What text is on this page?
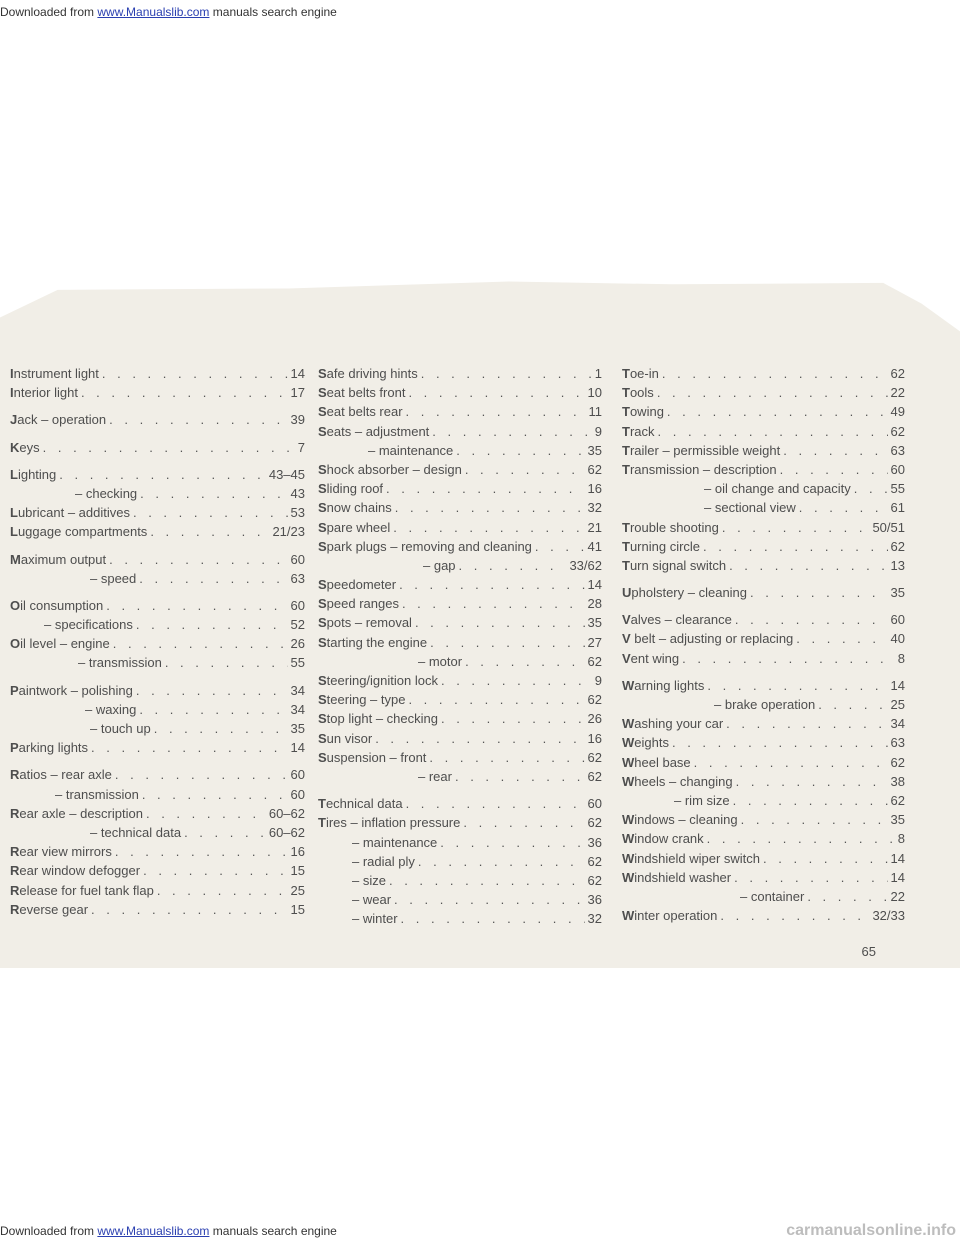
Downloaded from www.Manualslib.com manuals search engine
Instrument light . . .	14
Interior light . . .	17
Jack – operation . . .	39
Keys . . .	7
Lighting . . .	43–45
– checking . . .	43
Lubricant – additives . . .	53
Luggage compartments . . .	21/23
Maximum output . . .	60
– speed . . .	63
Oil consumption . . .	60
– specifications . . .	52
Oil level – engine . . .	26
– transmission . . .	55
Paintwork – polishing . . .	34
– waxing . . .	34
– touch up . . .	35
Parking lights . . .	14
Ratios – rear axle . . .	60
– transmission . . .	60
Rear axle – description . . .	60–62
– technical data . . .	60–62
Rear view mirrors . . .	16
Rear window defogger . . .	15
Release for fuel tank flap . . .	25
Reverse gear . . .	15
Safe driving hints . . .	1
Seat belts front . . .	10
Seat belts rear . . .	11
Seats – adjustment . . .	9
– maintenance . . .	35
Shock absorber – design . . .	62
Sliding roof . . .	16
Snow chains . . .	32
Spare wheel . . .	21
Spark plugs – removing and cleaning . . .	41
– gap . . .	33/62
Speedometer . . .	14
Speed ranges . . .	28
Spots – removal . . .	35
Starting the engine . . .	27
– motor . . .	62
Steering/ignition lock . . .	9
Steering – type . . .	62
Stop light – checking . . .	26
Sun visor . . .	16
Suspension – front . . .	62
– rear . . .	62
Technical data . . .	60
Tires – inflation pressure . . .	62
– maintenance . . .	36
– radial ply . . .	62
– size . . .	62
– wear . . .	36
– winter . . .	32
Toe-in . . .	62
Tools . . .	22
Towing . . .	49
Track . . .	62
Trailer – permissible weight . . .	63
Transmission – description . . .	60
– oil change and capacity . . .	55
– sectional view . . .	61
Trouble shooting . . .	50/51
Turning circle . . .	62
Turn signal switch . . .	13
Upholstery – cleaning . . .	35
Valves – clearance . . .	60
V belt – adjusting or replacing . . .	40
Vent wing . . .	8
Warning lights . . .	14
– brake operation . . .	25
Washing your car . . .	34
Weights . . .	63
Wheel base . . .	62
Wheels – changing . . .	38
– rim size . . .	62
Windows – cleaning . . .	35
Window crank . . .	8
Windshield wiper switch . . .	14
Windshield washer . . .	14
– container . . .	22
Winter operation . . .	32/33
65
Downloaded from www.Manualslib.com manuals search engine	carmanualsonline.info
